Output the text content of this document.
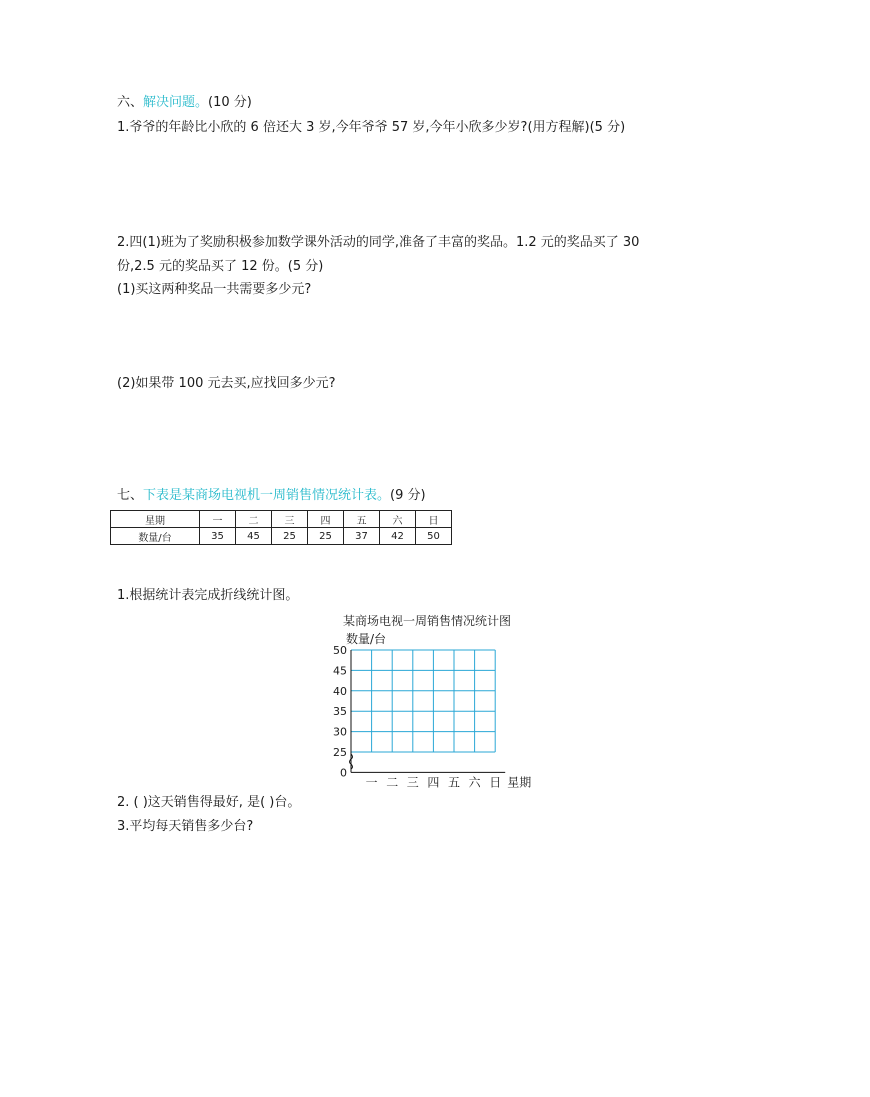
六、解决问题。(10 分)
1.爷爷的年龄比小欣的 6 倍还大 3 岁,今年爷爷 57 岁,今年小欣多少岁?(用方程解)(5 分)
2.四(1)班为了奖励积极参加数学课外活动的同学,准备了丰富的奖品。1.2 元的奖品买了 30
份,2.5 元的奖品买了 12 份。(5 分)
(1)买这两种奖品一共需要多少元?
(2)如果带 100 元去买,应找回多少元?
七、下表是某商场电视机一周销售情况统计表。(9 分)
星期	一	二	三	四	五	六	日
数量/台	35	45	25	25	37	42	50
1.根据统计表完成折线统计图。
某商场电视一周销售情况统计图
数量/台
0
25
30
35
40
45
50
一 二 三 四 五 六 日 星期
2. ( )这天销售得最好, 是( )台。
3.平均每天销售多少台?
